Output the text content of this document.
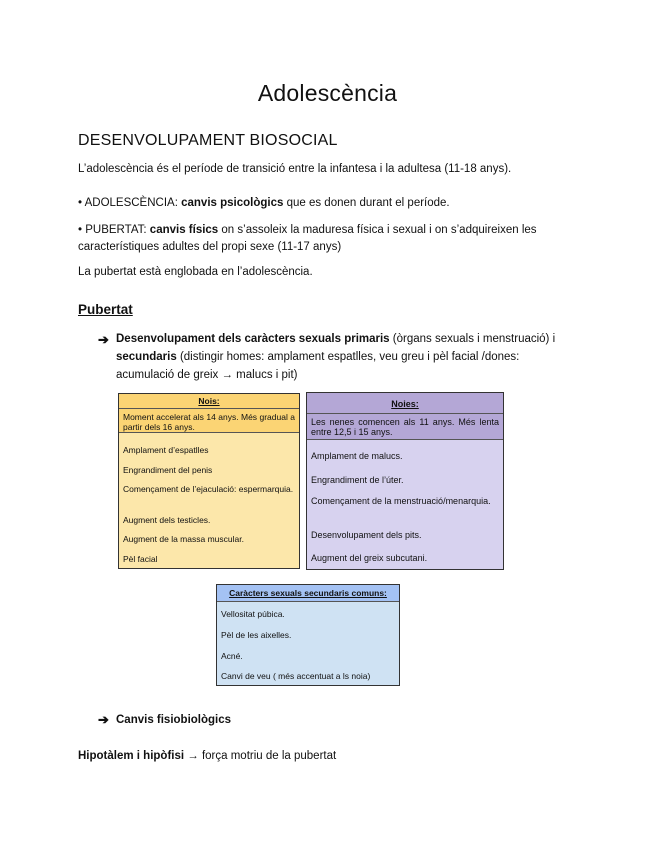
Adolescència
DESENVOLUPAMENT BIOSOCIAL
L’adolescència és el període de transició entre la infantesa i la adultesa (11-18 anys).
• ADOLESCÈNCIA: canvis psicològics que es donen durant el període.
• PUBERTAT: canvis físics on s’assoleix la maduresa física i sexual i on s’adquireixen les característiques adultes del propi sexe (11-17 anys)
La pubertat està englobada en l’adolescència.
Pubertat
➔ Desenvolupament dels caràcters sexuals primaris (òrgans sexuals i menstruació) i secundaris (distingir homes: amplament espatlles, veu greu i pèl facial /dones: acumulació de greix → malucs i pit)
Nois:
Moment accelerat als 14 anys. Més gradual a partir dels 16 anys.
Amplament d’espatlles
Engrandiment del penis
Començament de l’ejaculació: espermarquia.
Augment dels testicles.
Augment de la massa muscular.
Pèl facial
Noies:
Les nenes comencen als 11 anys. Més lenta entre 12,5 i 15 anys.
Amplament de malucs.
Engrandiment de l’úter.
Començament de la menstruació/menarquia.
Desenvolupament dels pits.
Augment del greix subcutani.
Caràcters sexuals secundaris comuns:
Vellositat púbica.
Pèl de les aixelles.
Acné.
Canvi de veu ( més accentuat a ls noia)
➔ Canvis fisiobiològics
Hipotàlem i hipòfisi → força motriu de la pubertat
